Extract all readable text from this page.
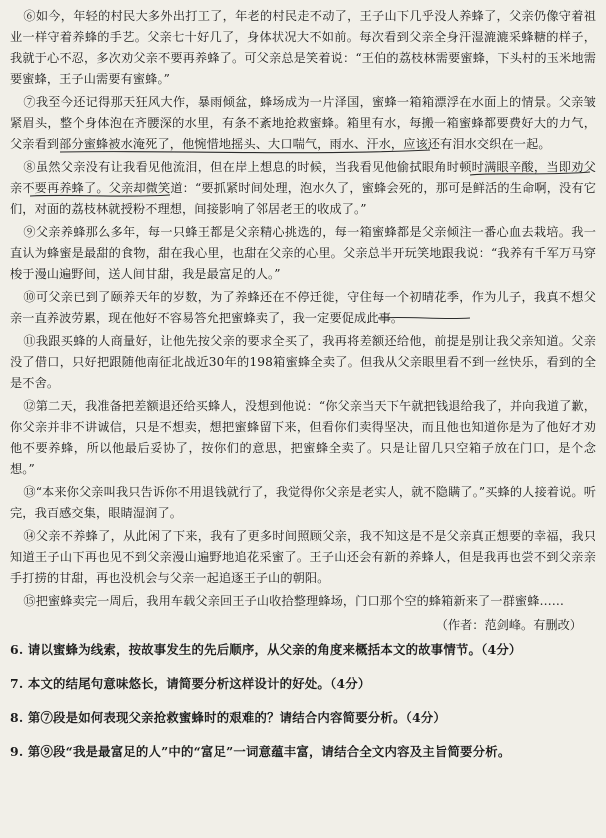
⑥如今，年轻的村民大多外出打工了，年老的村民走不动了，王子山下几乎没人养蜂了，父亲仍像守着祖业一样守着养蜂的手艺。父亲七十好几了，身体状况大不如前。每次看到父亲全身汗湿漉漉采蜂糖的样子，我就于心不忍，多次劝父亲不要再养蜂了。可父亲总是笑着说：“王伯的荔枝林需要蜜蜂，下头村的玉米地需要蜜蜂，王子山需要有蜜蜂。”

⑦我至今还记得那天狂风大作，暴雨倾盆，蜂场成为一片泽国，蜜蜂一箱箱漂浮在水面上的情景。父亲皱紧眉头，整个身体泡在齐腰深的水里，有条不紊地抢救蜜蜂。箱里有水，每搬一箱蜜蜂都要费好大的力气，父亲看到部分蜜蜂被水淹死了，他惋惜地摇头、大口喘气，雨水、汗水，应该还有泪水交织在一起。

⑧虽然父亲没有让我看见他流泪，但在岸上想息的时候，当我看见他偷拭眼角时顿时满眼辛酸，当即劝父亲不要再养蜂了。父亲却微笑道：“要抓紧时间处理，泡水久了，蜜蜂会死的，那可是鲜活的生命啊，没有它们，对面的荔枝林就授粉不理想，间接影响了邻居老王的收成了。”

⑨父亲养蜂那么多年，每一只蜂王都是父亲精心挑选的，每一箱蜜蜂都是父亲倾注一番心血去栽培。我一直认为蜂蜜是最甜的食物，甜在我心里，也甜在父亲的心里。父亲总半开玩笑地跟我说：“我养有千军万马穿梭于漫山遍野间，送人间甘甜，我是最富足的人。”

⑩可父亲已到了颐养天年的岁数，为了养蜂还在不停迁徙，守住每一个初晴花季，作为儿子，我真不想父亲一直养波劳累，现在他好不容易答允把蜜蜂卖了，我一定要促成此事。

⑪我跟买蜂的人商量好，让他先按父亲的要求全买了，我再将差额还给他，前提是别让我父亲知道。父亲没了借口，只好把跟随他南征北战近30年的198箱蜜蜂全卖了。但我从父亲眼里看不到一丝快乐，看到的全是不舍。

⑫第二天，我准备把差额退还给买蜂人，没想到他说：“你父亲当天下午就把钱退给我了，并向我道了歉，你父亲并非不讲诚信，只是不想卖，想把蜜蜂留下来，但看你们卖得坚决，而且他也知道你是为了他好才劝他不要养蜂，所以他最后妥协了，按你们的意思，把蜜蜂全卖了。只是让留几只空箱子放在门口，是个念想。”

⑬“本来你父亲叫我只告诉你不用退钱就行了，我觉得你父亲是老实人，就不隐瞒了。”买蜂的人接着说。听完，我百感交集，眼睛湿润了。

⑭父亲不养蜂了，从此闲了下来，我有了更多时间照顾父亲，我不知这是不是父亲真正想要的幸福，我只知道王子山下再也见不到父亲漫山遍野地追花采蜜了。王子山还会有新的养蜂人，但是我再也尝不到父亲亲手打捞的甘甜，再也没机会与父亲一起追逐王子山的朝阳。

⑮把蜜蜂卖完一周后，我用车载父亲回王子山收拾整理蜂场，门口那个空的蜂箱新来了一群蜜蜂……

（作者：范剑峰。有删改）

6. 请以蜜蜂为线索，按故事发生的先后顺序，从父亲的角度来概括本文的故事情节。（4分）

7. 本文的结尾句意味悠长，请简要分析这样设计的好处。（4分）

8. 第⑦段是如何表现父亲抢救蜜蜂时的艰难的？请结合内容简要分析。（4分）

9. 第⑨段“我是最富足的人”中的“富足”一词意蕴丰富，请结合全文内容及主旨简要分析。
